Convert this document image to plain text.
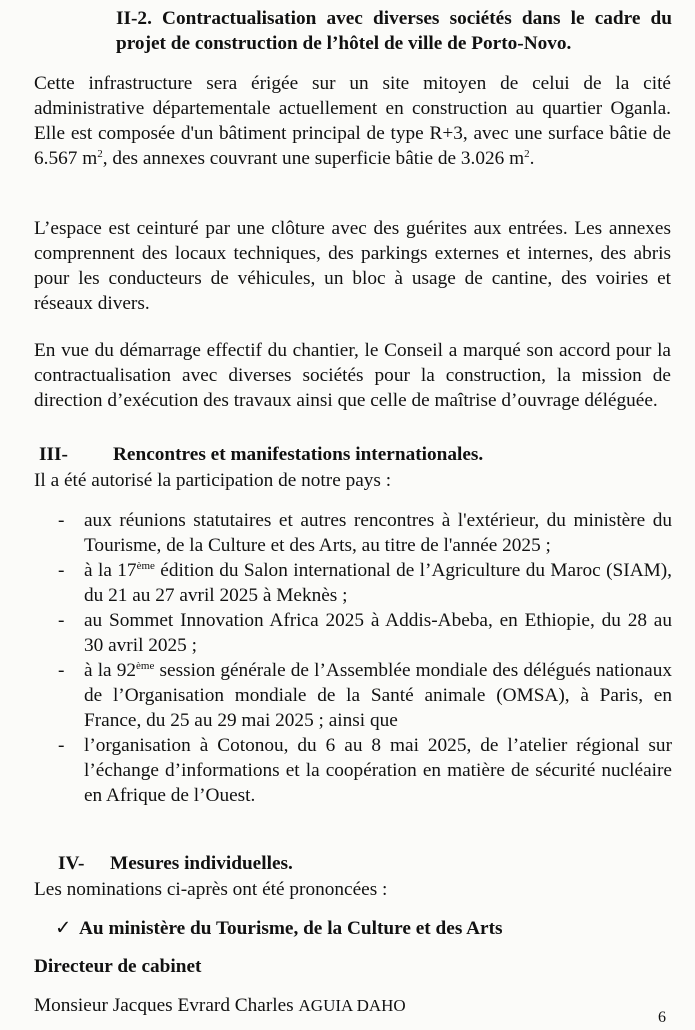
II-2. Contractualisation avec diverses sociétés dans le cadre du projet de construction de l’hôtel de ville de Porto-Novo.
Cette infrastructure sera érigée sur un site mitoyen de celui de la cité administrative départementale actuellement en construction au quartier Oganla. Elle est composée d'un bâtiment principal de type R+3, avec une surface bâtie de 6.567 $m^2$, des annexes couvrant une superficie bâtie de 3.026 $m^2$.
L’espace est ceinturé par une clôture avec des guérites aux entrées. Les annexes comprennent des locaux techniques, des parkings externes et internes, des abris pour les conducteurs de véhicules, un bloc à usage de cantine, des voiries et réseaux divers.
En vue du démarrage effectif du chantier, le Conseil a marqué son accord pour la contractualisation avec diverses sociétés pour la construction, la mission de direction d’exécution des travaux ainsi que celle de maîtrise d’ouvrage déléguée.
III- Rencontres et manifestations internationales.
Il a été autorisé la participation de notre pays :
- aux réunions statutaires et autres rencontres à l'extérieur, du ministère du Tourisme, de la Culture et des Arts, au titre de l'année 2025 ;
- à la 17ème édition du Salon international de l’Agriculture du Maroc (SIAM), du 21 au 27 avril 2025 à Meknès ;
- au Sommet Innovation Africa 2025 à Addis-Abeba, en Ethiopie, du 28 au 30 avril 2025 ;
- à la 92ème session générale de l’Assemblée mondiale des délégués nationaux de l’Organisation mondiale de la Santé animale (OMSA), à Paris, en France, du 25 au 29 mai 2025 ; ainsi que
- l’organisation à Cotonou, du 6 au 8 mai 2025, de l’atelier régional sur l’échange d’informations et la coopération en matière de sécurité nucléaire en Afrique de l’Ouest.
IV- Mesures individuelles.
Les nominations ci-après ont été prononcées :
✓ Au ministère du Tourisme, de la Culture et des Arts
Directeur de cabinet
Monsieur Jacques Evrard Charles AGUIA DAHO
6
